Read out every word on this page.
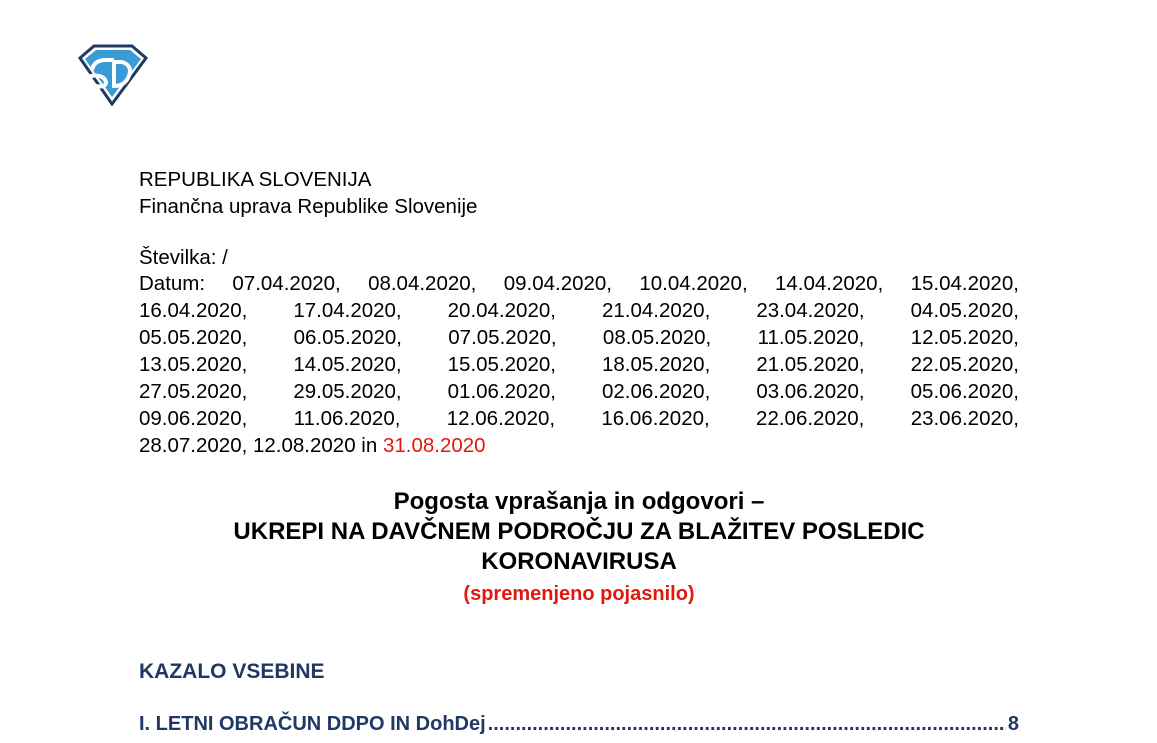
REPUBLIKA SLOVENIJA
Finančna uprava Republike Slovenije
Številka: /
Datum: 07.04.2020, 08.04.2020, 09.04.2020, 10.04.2020, 14.04.2020, 15.04.2020,
16.04.2020, 17.04.2020, 20.04.2020, 21.04.2020, 23.04.2020, 04.05.2020,
05.05.2020, 06.05.2020, 07.05.2020, 08.05.2020, 11.05.2020, 12.05.2020,
13.05.2020, 14.05.2020, 15.05.2020, 18.05.2020, 21.05.2020, 22.05.2020,
27.05.2020, 29.05.2020, 01.06.2020, 02.06.2020, 03.06.2020, 05.06.2020,
09.06.2020, 11.06.2020, 12.06.2020, 16.06.2020, 22.06.2020, 23.06.2020,
28.07.2020, 12.08.2020 in 31.08.2020
Pogosta vprašanja in odgovori –
UKREPI NA DAVČNEM PODROČJU ZA BLAŽITEV POSLEDIC
KORONAVIRUSA
(spremenjeno pojasnilo)
KAZALO VSEBINE
I. LETNI OBRAČUN DDPO IN DohDej
.....	8
